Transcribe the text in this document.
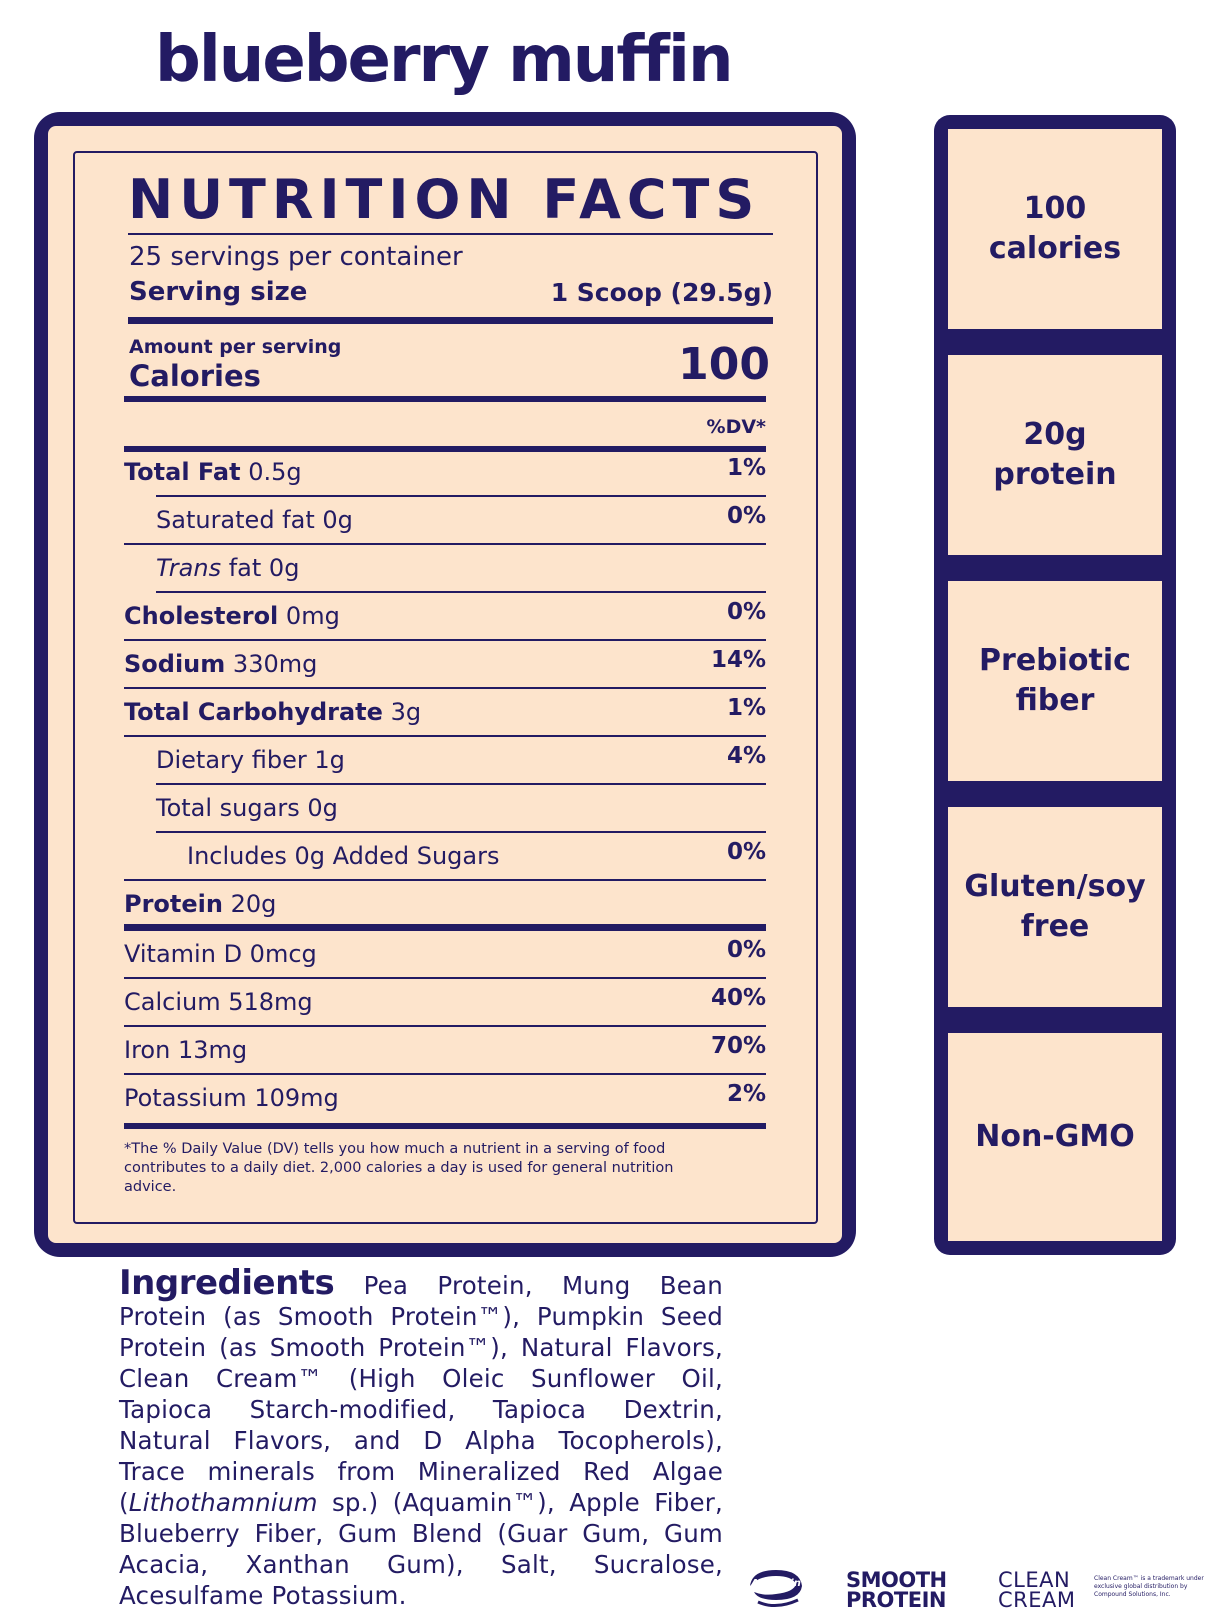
blueberry muffin
NUTRITION FACTS
25 servings per container
Serving size	1 Scoop (29.5g)
Amount per serving
Calories	100
%DV*
Total Fat 0.5g	1%
Saturated fat 0g	0%
Trans fat 0g
Cholesterol 0mg	0%
Sodium 330mg	14%
Total Carbohydrate 3g	1%
Dietary fiber 1g	4%
Total sugars 0g
Includes 0g Added Sugars	0%
Protein 20g
Vitamin D 0mcg	0%
Calcium 518mg	40%
Iron 13mg	70%
Potassium 109mg	2%
*The % Daily Value (DV) tells you how much a nutrient in a serving of food contributes to a daily diet. 2,000 calories a day is used for general nutrition advice.
100
calories
20g
protein
Prebiotic
fiber
Gluten/soy
free
Non-GMO
Ingredients Pea Protein, Mung Bean Protein (as Smooth Protein™), Pumpkin Seed Protein (as Smooth Protein™), Natural Flavors, Clean Cream™ (High Oleic Sunflower Oil, Tapioca Starch-modified, Tapioca Dextrin, Natural Flavors, and D Alpha Tocopherols), Trace minerals from Mineralized Red Algae (Lithothamnium sp.) (Aquamin™), Apple Fiber, Blueberry Fiber, Gum Blend (Guar Gum, Gum Acacia, Xanthan Gum), Salt, Sucralose, Acesulfame Potassium.	Aquamin SMOOTH
PROTEIN
CLEAN
CREAM
Clean Cream™ is a trademark under exclusive global distribution by Compound Solutions, Inc.
